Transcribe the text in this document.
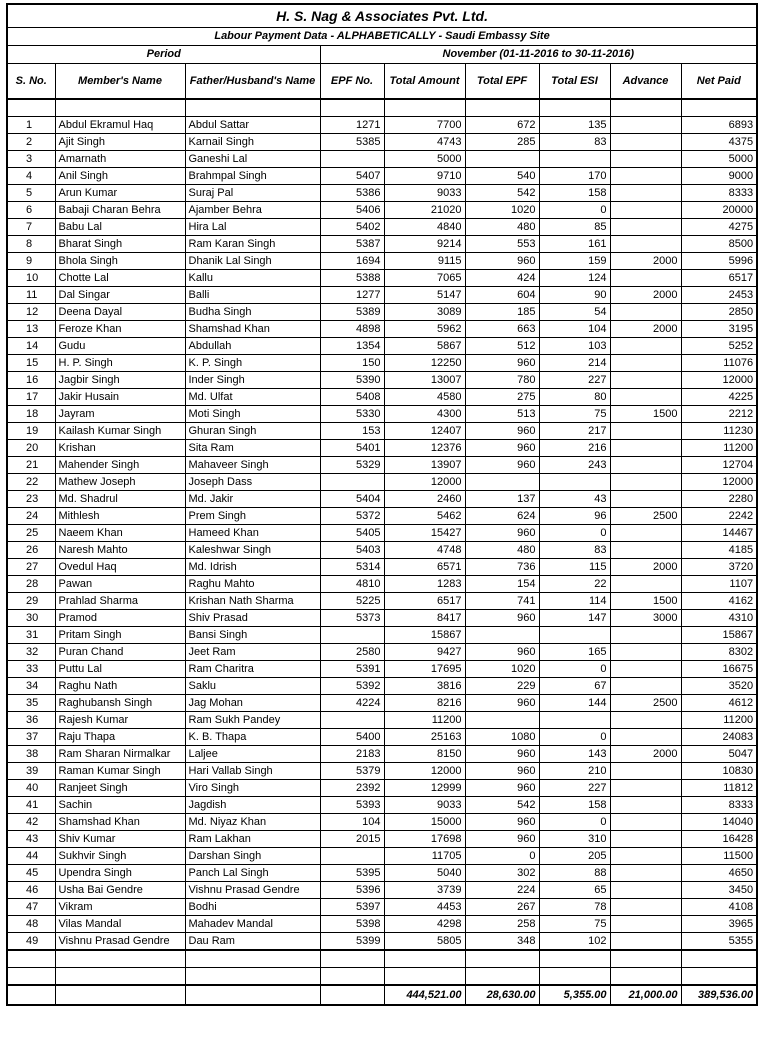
H. S. Nag & Associates Pvt. Ltd.								
Labour Payment Data - ALPHABETICALLY - Saudi Embassy Site								
Period			November (01-11-2016 to 30-11-2016)					
S. No.	Member's Name	Father/Husband's Name	EPF No.	Total Amount	Total EPF	Total ESI	Advance	Net Paid

1	Abdul Ekramul Haq	Abdul Sattar	1271	7700	672	135		6893
2	Ajit Singh	Karnail Singh	5385	4743	285	83		4375
3	Amarnath	Ganeshi Lal		5000				5000
4	Anil Singh	Brahmpal Singh	5407	9710	540	170		9000
5	Arun Kumar	Suraj Pal	5386	9033	542	158		8333
6	Babaji Charan Behra	Ajamber Behra	5406	21020	1020	0		20000
7	Babu Lal	Hira Lal	5402	4840	480	85		4275
8	Bharat Singh	Ram Karan Singh	5387	9214	553	161		8500
9	Bhola Singh	Dhanik Lal Singh	1694	9115	960	159	2000	5996
10	Chotte Lal	Kallu	5388	7065	424	124		6517
11	Dal Singar	Balli	1277	5147	604	90	2000	2453
12	Deena Dayal	Budha Singh	5389	3089	185	54		2850
13	Feroze Khan	Shamshad Khan	4898	5962	663	104	2000	3195
14	Gudu	Abdullah	1354	5867	512	103		5252
15	H. P. Singh	K. P. Singh	150	12250	960	214		11076
16	Jagbir Singh	Inder Singh	5390	13007	780	227		12000
17	Jakir Husain	Md. Ulfat	5408	4580	275	80		4225
18	Jayram	Moti Singh	5330	4300	513	75	1500	2212
19	Kailash Kumar Singh	Ghuran Singh	153	12407	960	217		11230
20	Krishan	Sita Ram	5401	12376	960	216		11200
21	Mahender Singh	Mahaveer Singh	5329	13907	960	243		12704
22	Mathew Joseph	Joseph Dass		12000				12000
23	Md. Shadrul	Md. Jakir	5404	2460	137	43		2280
24	Mithlesh	Prem Singh	5372	5462	624	96	2500	2242
25	Naeem Khan	Hameed Khan	5405	15427	960	0		14467
26	Naresh Mahto	Kaleshwar Singh	5403	4748	480	83		4185
27	Ovedul Haq	Md. Idrish	5314	6571	736	115	2000	3720
28	Pawan	Raghu Mahto	4810	1283	154	22		1107
29	Prahlad Sharma	Krishan Nath Sharma	5225	6517	741	114	1500	4162
30	Pramod	Shiv Prasad	5373	8417	960	147	3000	4310
31	Pritam Singh	Bansi Singh		15867				15867
32	Puran Chand	Jeet Ram	2580	9427	960	165		8302
33	Puttu Lal	Ram Charitra	5391	17695	1020	0		16675
34	Raghu Nath	Saklu	5392	3816	229	67		3520
35	Raghubansh Singh	Jag Mohan	4224	8216	960	144	2500	4612
36	Rajesh Kumar	Ram Sukh Pandey		11200				11200
37	Raju Thapa	K. B. Thapa	5400	25163	1080	0		24083
38	Ram Sharan Nirmalkar	Laljee	2183	8150	960	143	2000	5047
39	Raman Kumar Singh	Hari Vallab Singh	5379	12000	960	210		10830
40	Ranjeet Singh	Viro Singh	2392	12999	960	227		11812
41	Sachin	Jagdish	5393	9033	542	158		8333
42	Shamshad Khan	Md. Niyaz Khan	104	15000	960	0		14040
43	Shiv Kumar	Ram Lakhan	2015	17698	960	310		16428
44	Sukhvir Singh	Darshan Singh		11705	0	205		11500
45	Upendra Singh	Panch Lal Singh	5395	5040	302	88		4650
46	Usha Bai Gendre	Vishnu Prasad Gendre	5396	3739	224	65		3450
47	Vikram	Bodhi	5397	4453	267	78		4108
48	Vilas Mandal	Mahadev Mandal	5398	4298	258	75		3965
49	Vishnu Prasad Gendre	Dau Ram	5399	5805	348	102		5355

				444,521.00	28,630.00	5,355.00	21,000.00	389,536.00
